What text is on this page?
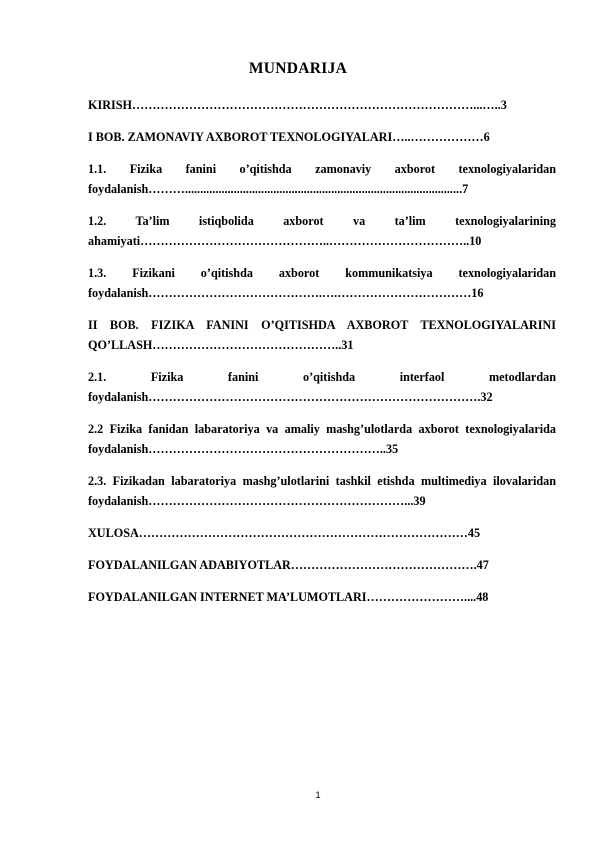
MUNDARIJA
KIRISH…………………………………………………………………………...…..3
I BOB. ZAMONAVIY AXBOROT TEXNOLOGIYALARI…..………………6
1.1. Fizika fanini o’qitishda zamonaviy axborot texnologiyalaridan foydalanish………...........................................................................................7
1.2. Ta’lim istiqbolida axborot va ta’lim texnologiyalarining ahamiyati………………………………………..……………………………..10
1.3. Fizikani o’qitishda axborot kommunikatsiya texnologiyalaridan foydalanish…………………………………….….……………………………16
II BOB. FIZIKA FANINI O’QITISHDA AXBOROT TEXNOLOGIYALARINI QO’LLASH………………………………………..31
2.1. Fizika fanini o’qitishda interfaol metodlardan foydalanish……………………………………………………………………….32
2.2 Fizika fanidan labaratoriya va amaliy mashg’ulotlarda axborot texnologiyalarida foydalanish…………………………………………………..35
2.3. Fizikadan labaratoriya mashg’ulotlarini tashkil etishda multimediya ilovalaridan foydalanish………………………………………………………...39
XULOSA………………………………………………………………………45
FOYDALANILGAN ADABIYOTLAR……………………………………….47
FOYDALANILGAN INTERNET MA’LUMOTLARI……………………....48
1
